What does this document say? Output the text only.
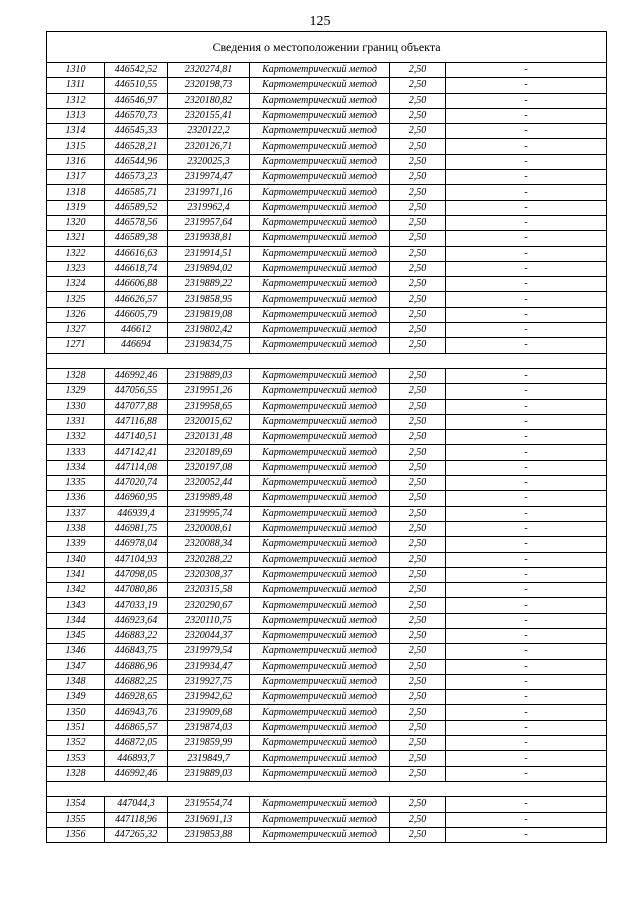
125
Сведения о местоположении границ объекта					
1310	446542,52	2320274,81	Картометрический метод	2,50	-
1311	446510,55	2320198,73	Картометрический метод	2,50	-
1312	446546,97	2320180,82	Картометрический метод	2,50	-
1313	446570,73	2320155,41	Картометрический метод	2,50	-
1314	446545,33	2320122,2	Картометрический метод	2,50	-
1315	446528,21	2320126,71	Картометрический метод	2,50	-
1316	446544,96	2320025,3	Картометрический метод	2,50	-
1317	446573,23	2319974,47	Картометрический метод	2,50	-
1318	446585,71	2319971,16	Картометрический метод	2,50	-
1319	446589,52	2319962,4	Картометрический метод	2,50	-
1320	446578,56	2319957,64	Картометрический метод	2,50	-
1321	446589,38	2319938,81	Картометрический метод	2,50	-
1322	446616,63	2319914,51	Картометрический метод	2,50	-
1323	446618,74	2319894,02	Картометрический метод	2,50	-
1324	446606,88	2319889,22	Картометрический метод	2,50	-
1325	446626,57	2319858,95	Картометрический метод	2,50	-
1326	446605,79	2319819,08	Картометрический метод	2,50	-
1327	446612	2319802,42	Картометрический метод	2,50	-
1271	446694	2319834,75	Картометрический метод	2,50	-

1328	446992,46	2319889,03	Картометрический метод	2,50	-
1329	447056,55	2319951,26	Картометрический метод	2,50	-
1330	447077,88	2319958,65	Картометрический метод	2,50	-
1331	447116,88	2320015,62	Картометрический метод	2,50	-
1332	447140,51	2320131,48	Картометрический метод	2,50	-
1333	447142,41	2320189,69	Картометрический метод	2,50	-
1334	447114,08	2320197,08	Картометрический метод	2,50	-
1335	447020,74	2320052,44	Картометрический метод	2,50	-
1336	446960,95	2319989,48	Картометрический метод	2,50	-
1337	446939,4	2319995,74	Картометрический метод	2,50	-
1338	446981,75	2320008,61	Картометрический метод	2,50	-
1339	446978,04	2320088,34	Картометрический метод	2,50	-
1340	447104,93	2320288,22	Картометрический метод	2,50	-
1341	447098,05	2320308,37	Картометрический метод	2,50	-
1342	447080,86	2320315,58	Картометрический метод	2,50	-
1343	447033,19	2320290,67	Картометрический метод	2,50	-
1344	446923,64	2320110,75	Картометрический метод	2,50	-
1345	446883,22	2320044,37	Картометрический метод	2,50	-
1346	446843,75	2319979,54	Картометрический метод	2,50	-
1347	446886,96	2319934,47	Картометрический метод	2,50	-
1348	446882,25	2319927,75	Картометрический метод	2,50	-
1349	446928,65	2319942,62	Картометрический метод	2,50	-
1350	446943,76	2319909,68	Картометрический метод	2,50	-
1351	446865,57	2319874,03	Картометрический метод	2,50	-
1352	446872,05	2319859,99	Картометрический метод	2,50	-
1353	446893,7	2319849,7	Картометрический метод	2,50	-
1328	446992,46	2319889,03	Картометрический метод	2,50	-

1354	447044,3	2319554,74	Картометрический метод	2,50	-
1355	447118,96	2319691,13	Картометрический метод	2,50	-
1356	447265,32	2319853,88	Картометрический метод	2,50	-
